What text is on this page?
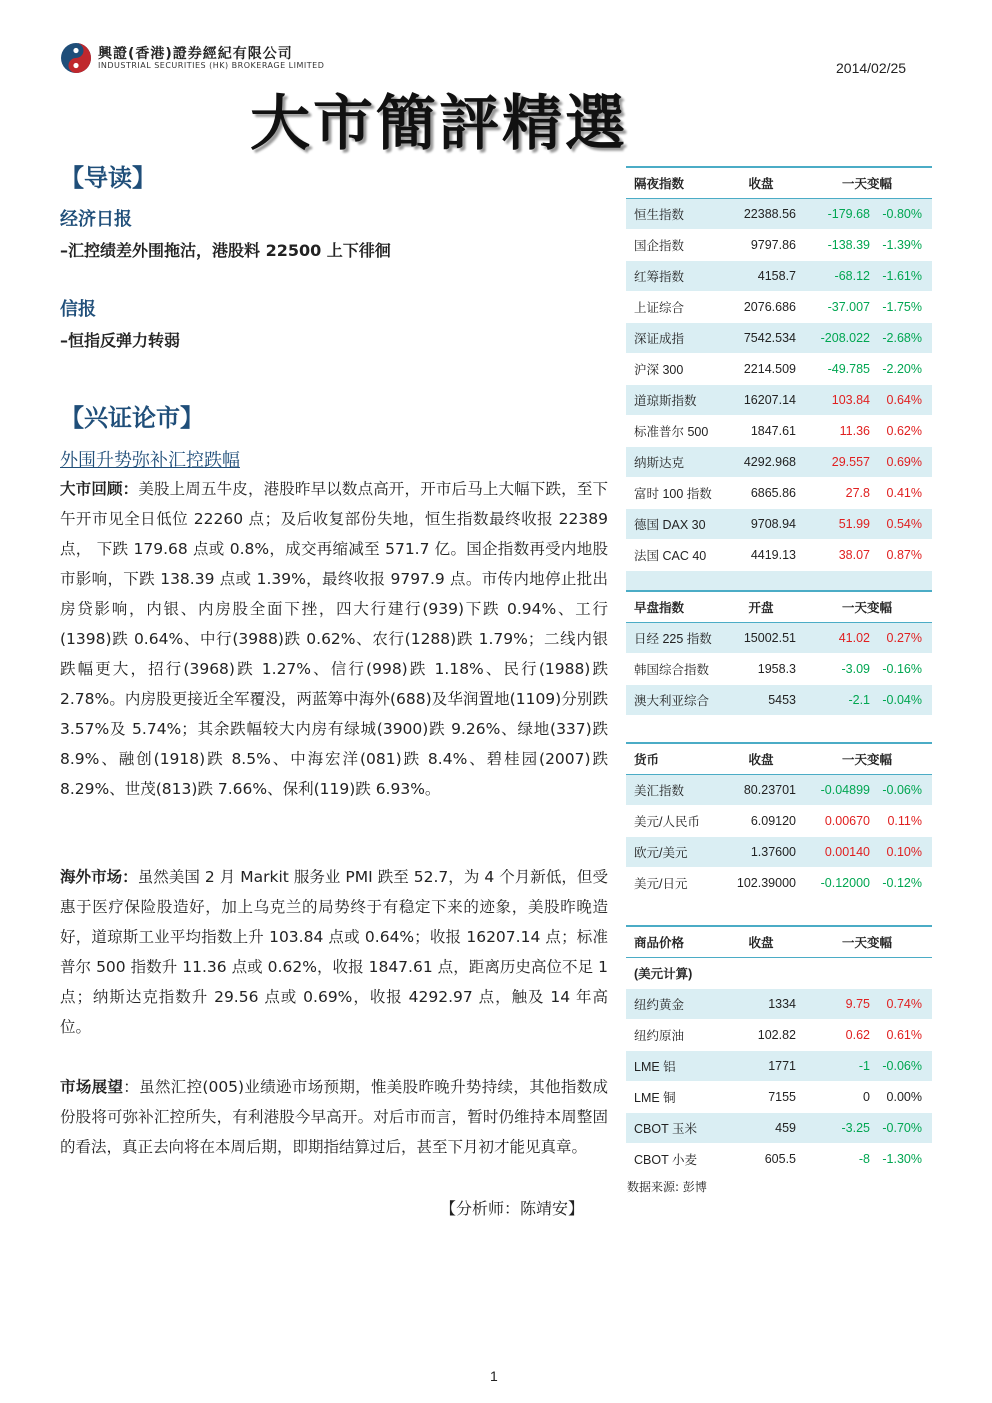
興證(香港)證券經紀有限公司
INDUSTRIAL SECURITIES (HK) BROKERAGE LIMITED	2014/02/25
大市簡評精選
【导读】
经济日报
–汇控绩差外围拖沽，港股料 22500 上下徘徊
信报
–恒指反弹力转弱
【兴证论市】
外围升势弥补汇控跌幅
大市回顾：美股上周五牛皮，港股昨早以数点高开，开市后马上大幅下跌，至下午开市见全日低位 22260 点；及后收复部份失地，恒生指数最终收报 22389 点， 下跌 179.68 点或 0.8%，成交再缩减至 571.7 亿。国企指数再受内地股市影响，下跌 138.39 点或 1.39%，最终收报 9797.9 点。市传内地停止批出房贷影响，内银、内房股全面下挫，四大行建行(939)下跌 0.94%、工行(1398)跌 0.64%、中行(3988)跌 0.62%、农行(1288)跌 1.79%；二线内银跌幅更大，招行(3968)跌 1.27%、信行(998)跌 1.18%、民行(1988)跌 2.78%。内房股更接近全军覆没，两蓝筹中海外(688)及华润置地(1109)分别跌 3.57%及 5.74%；其余跌幅较大内房有绿城(3900)跌 9.26%、绿地(337)跌 8.9%、融创(1918)跌 8.5%、中海宏洋(081)跌 8.4%、碧桂园(2007)跌 8.29%、世茂(813)跌 7.66%、保利(119)跌 6.93%。
海外市场：虽然美国 2 月 Markit 服务业 PMI 跌至 52.7，为 4 个月新低，但受惠于医疗保险股造好，加上乌克兰的局势终于有稳定下来的迹象，美股昨晚造好，道琼斯工业平均指数上升 103.84 点或 0.64%；收报 16207.14 点；标准普尔 500 指数升 11.36 点或 0.62%，收报 1847.61 点，距离历史高位不足 1 点；纳斯达克指数升 29.56 点或 0.69%，收报 4292.97 点，触及 14 年高位。
市场展望：虽然汇控(005)业绩逊市场预期，惟美股昨晚升势持续，其他指数成份股将可弥补汇控所失，有利港股今早高开。对后市而言，暂时仍维持本周整固的看法，真正去向将在本周后期，即期指结算过后，甚至下月初才能见真章。
【分析师：陈靖安】
隔夜指数	收盘	一天变幅	
恒生指数	22388.56	-179.68	-0.80%
国企指数	9797.86	-138.39	-1.39%
红筹指数	4158.7	-68.12	-1.61%
上证综合	2076.686	-37.007	-1.75%
深证成指	7542.534	-208.022	-2.68%
沪深 300	2214.509	-49.785	-2.20%
道琼斯指数	16207.14	103.84	0.64%
标准普尔 500	1847.61	11.36	0.62%
纳斯达克	4292.968	29.557	0.69%
富时 100 指数	6865.86	27.8	0.41%
德国 DAX 30	9708.94	51.99	0.54%
法国 CAC 40	4419.13	38.07	0.87%

早盘指数	开盘	一天变幅	
日经 225 指数	15002.51	41.02	0.27%
韩国综合指数	1958.3	-3.09	-0.16%
澳大利亚综合	5453	-2.1	-0.04%
货币	收盘	一天变幅	
美汇指数	80.23701	-0.04899	-0.06%
美元/人民币	6.09120	0.00670	0.11%
欧元/美元	1.37600	0.00140	0.10%
美元/日元	102.39000	-0.12000	-0.12%
商品价格	收盘	一天变幅	
(美元计算)			
纽约黄金	1334	9.75	0.74%
纽约原油	102.82	0.62	0.61%
LME 铝	1771	-1	-0.06%
LME 铜	7155	0	0.00%
CBOT 玉米	459	-3.25	-0.70%
CBOT 小麦	605.5	-8	-1.30%
数据来源: 彭博
1
